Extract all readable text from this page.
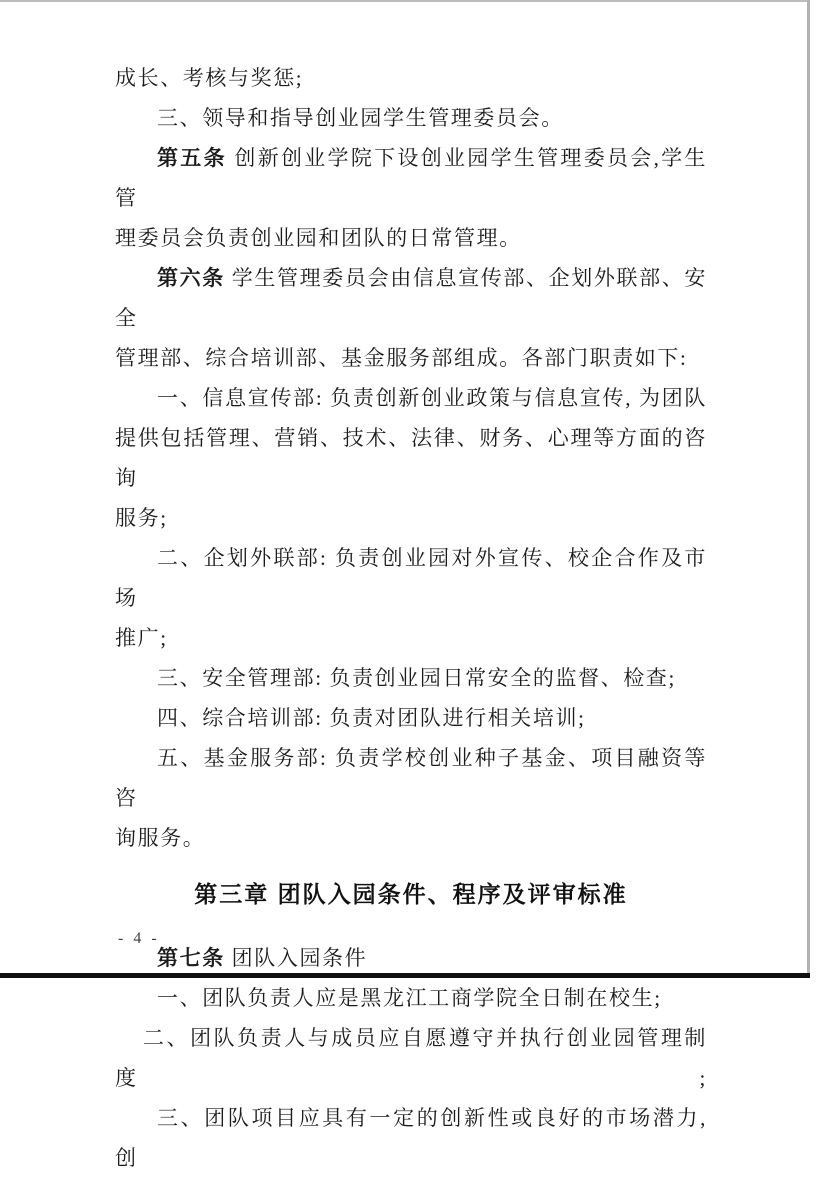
成长、考核与奖惩;

三、领导和指导创业园学生管理委员会。

第五条 创新创业学院下设创业园学生管理委员会,学生管

理委员会负责创业园和团队的日常管理。

第六条 学生管理委员会由信息宣传部、企划外联部、安全

管理部、综合培训部、基金服务部组成。各部门职责如下:

一、信息宣传部: 负责创新创业政策与信息宣传, 为团队

提供包括管理、营销、技术、法律、财务、心理等方面的咨询

服务;

二、企划外联部: 负责创业园对外宣传、校企合作及市场

推广;

三、安全管理部: 负责创业园日常安全的监督、检查;

四、综合培训部: 负责对团队进行相关培训;

五、基金服务部: 负责学校创业种子基金、项目融资等咨

询服务。

第三章 团队入园条件、程序及评审标准

第七条 团队入园条件

一、团队负责人应是黑龙江工商学院全日制在校生;

二、团队负责人与成员应自愿遵守并执行创业园管理制度;

三、团队项目应具有一定的创新性或良好的市场潜力, 创

- 4 -
